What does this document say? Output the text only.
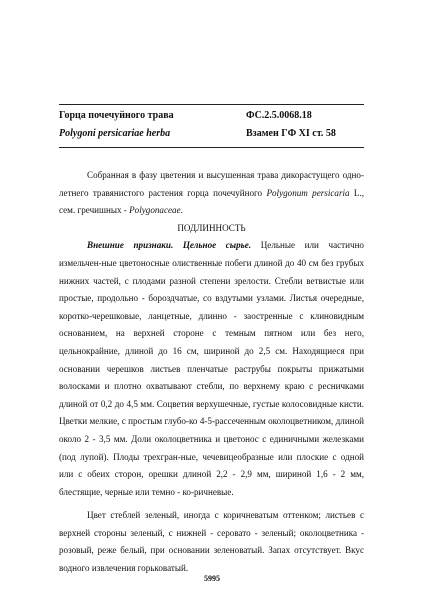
Горца почечуйного трава	ФС.2.5.0068.18
Polygoni persicariae herba	Взамен ГФ XI ст. 58

Собранная в фазу цветения и высушенная трава дикорастущего одно-летнего травянистого растения горца почечуйного Polygonum persicaria L., сем. гречишных - Polygonaceae.

ПОДЛИННОСТЬ

Внешние признаки. Цельное сырье. Цельные или частично измельчен-ные цветоносные олиственные побеги длиной до 40 см без грубых нижних частей, с плодами разной степени зрелости. Стебли ветвистые или простые, продольно - бороздчатые, со вздутыми узлами. Листья очередные, коротко-черешковые, ланцетные, длинно - заостренные с клиновидным основанием, на верхней стороне с темным пятном или без него, цельнокрайние, длиной до 16 см, шириной до 2,5 см. Находящиеся при основании черешков листьев пленчатые раструбы покрыты прижатыми волосками и плотно охватывают стебли, по верхнему краю с ресничками длиной от 0,2 до 4,5 мм. Соцветия верхушечные, густые колосовидные кисти. Цветки мелкие, с простым глубо-ко 4-5-рассеченным околоцветником, длиной около 2 - 3,5 мм. Доли околоцветника и цветонос с единичными железками (под лупой). Плоды трехгран-ные, чечевицеобразные или плоские с одной или с обеих сторон, орешки длиной 2,2 - 2,9 мм, шириной 1,6 - 2 мм, блестящие, черные или темно - ко-ричневые.

Цвет стеблей зеленый, иногда с коричневатым оттенком; листьев с верхней стороны зеленый, с нижней - серовато - зеленый; околоцветника - розовый, реже белый, при основании зеленоватый. Запах отсутствует. Вкус водного извлечения горьковатый.

5995
